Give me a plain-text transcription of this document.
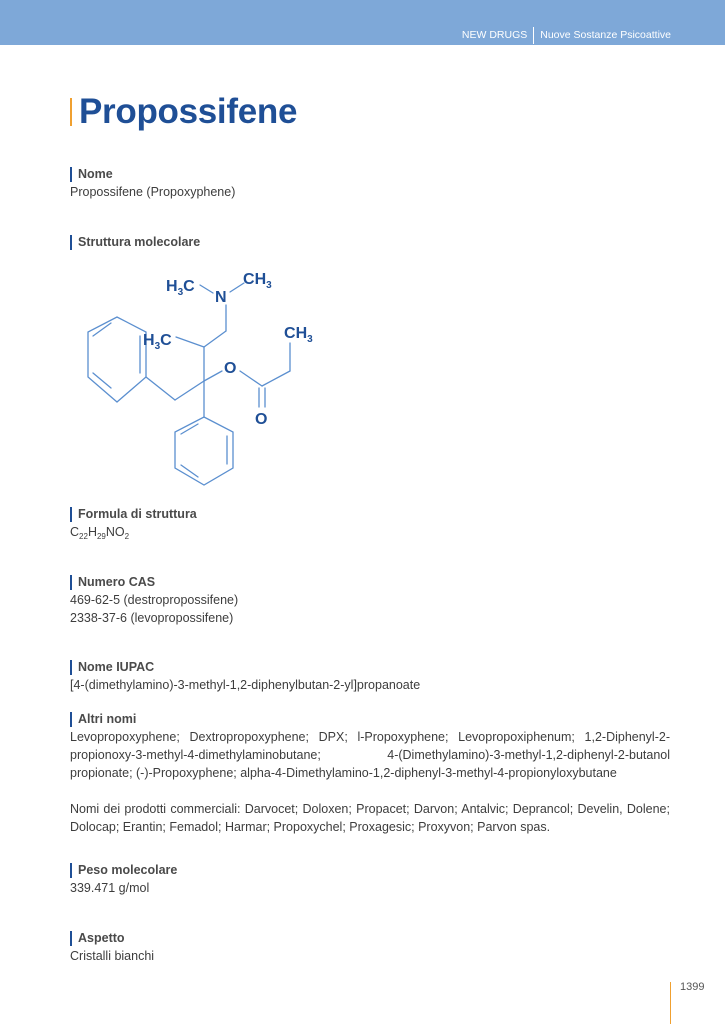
NEW DRUGS Nuove Sostanze Psicoattive
Propossifene
Nome
Propossifene (Propoxyphene)
Struttura molecolare
$H_3C$
N
$CH_3$
$H_3C$	$CH_3$
O
O
Formula di struttura
$C_{22}H_{29}NO_2$
Numero CAS
469-62-5 (destropropossifene)
2338-37-6 (levopropossifene)
Nome IUPAC
[4-(dimethylamino)-3-methyl-1,2-diphenylbutan-2-yl]propanoate
Altri nomi
Levopropoxyphene; Dextropropoxyphene; DPX; l-Propoxyphene; Levopropoxiphenum; 1,2-Diphenyl-2-propionoxy-3-methyl-4-dimethylaminobutane; 4-(Dimethylamino)-3-methyl-1,2-diphenyl-2-butanol propionate; (-)-Propoxyphene; alpha-4-Dimethylamino-1,2-diphenyl-3-methyl-4-propionyloxybutane
Nomi dei prodotti commerciali: Darvocet; Doloxen; Propacet; Darvon; Antalvic; Deprancol; Develin, Dolene; Dolocap; Erantin; Femadol; Harmar; Propoxychel; Proxagesic; Proxyvon; Parvon spas.
Peso molecolare
339.471 g/mol
Aspetto
Cristalli bianchi
1399
